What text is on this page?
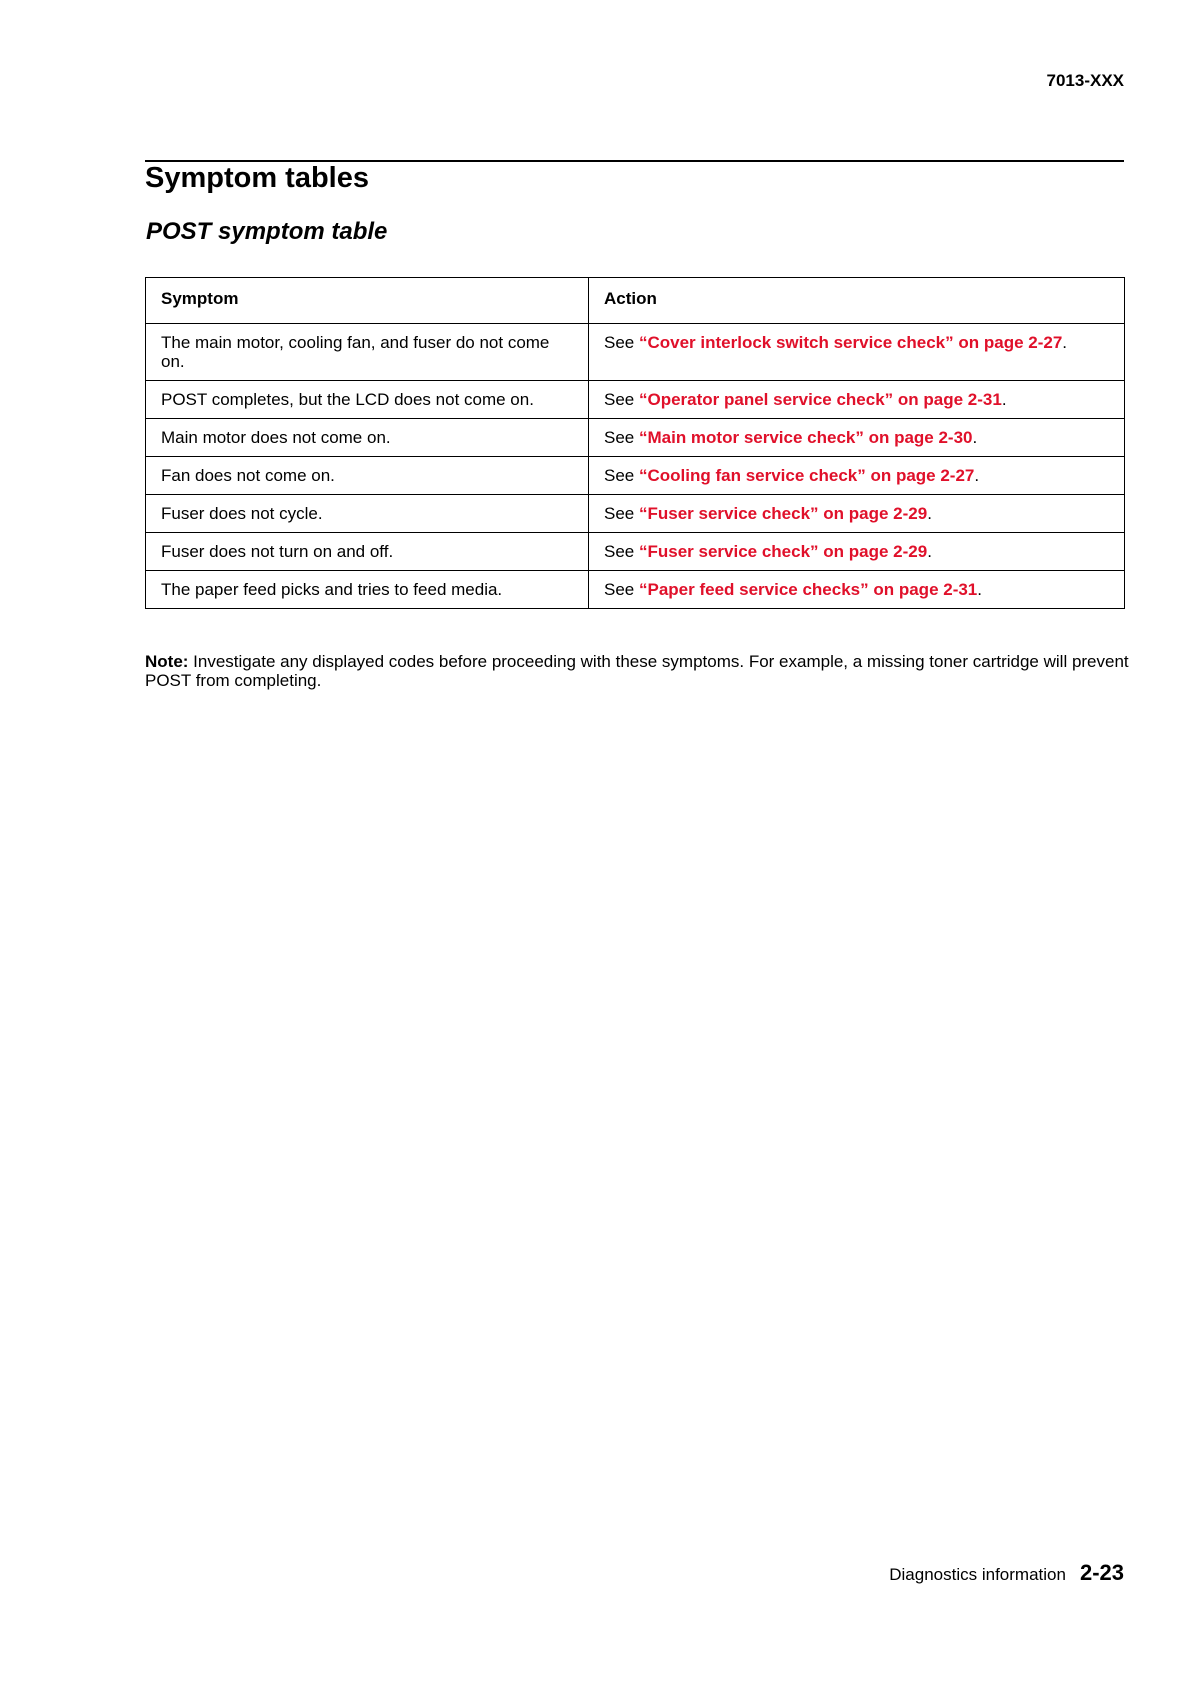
7013-XXX
Symptom tables
POST symptom table
Symptom	Action
The main motor, cooling fan, and fuser do not come on.	See “Cover interlock switch service check” on page 2-27.
POST completes, but the LCD does not come on.	See “Operator panel service check” on page 2-31.
Main motor does not come on.	See “Main motor service check” on page 2-30.
Fan does not come on.	See “Cooling fan service check” on page 2-27.
Fuser does not cycle.	See “Fuser service check” on page 2-29.
Fuser does not turn on and off.	See “Fuser service check” on page 2-29.
The paper feed picks and tries to feed media.	See “Paper feed service checks” on page 2-31.
Note: Investigate any displayed codes before proceeding with these symptoms. For example, a missing toner cartridge will prevent POST from completing.
Diagnostics information 2-23
